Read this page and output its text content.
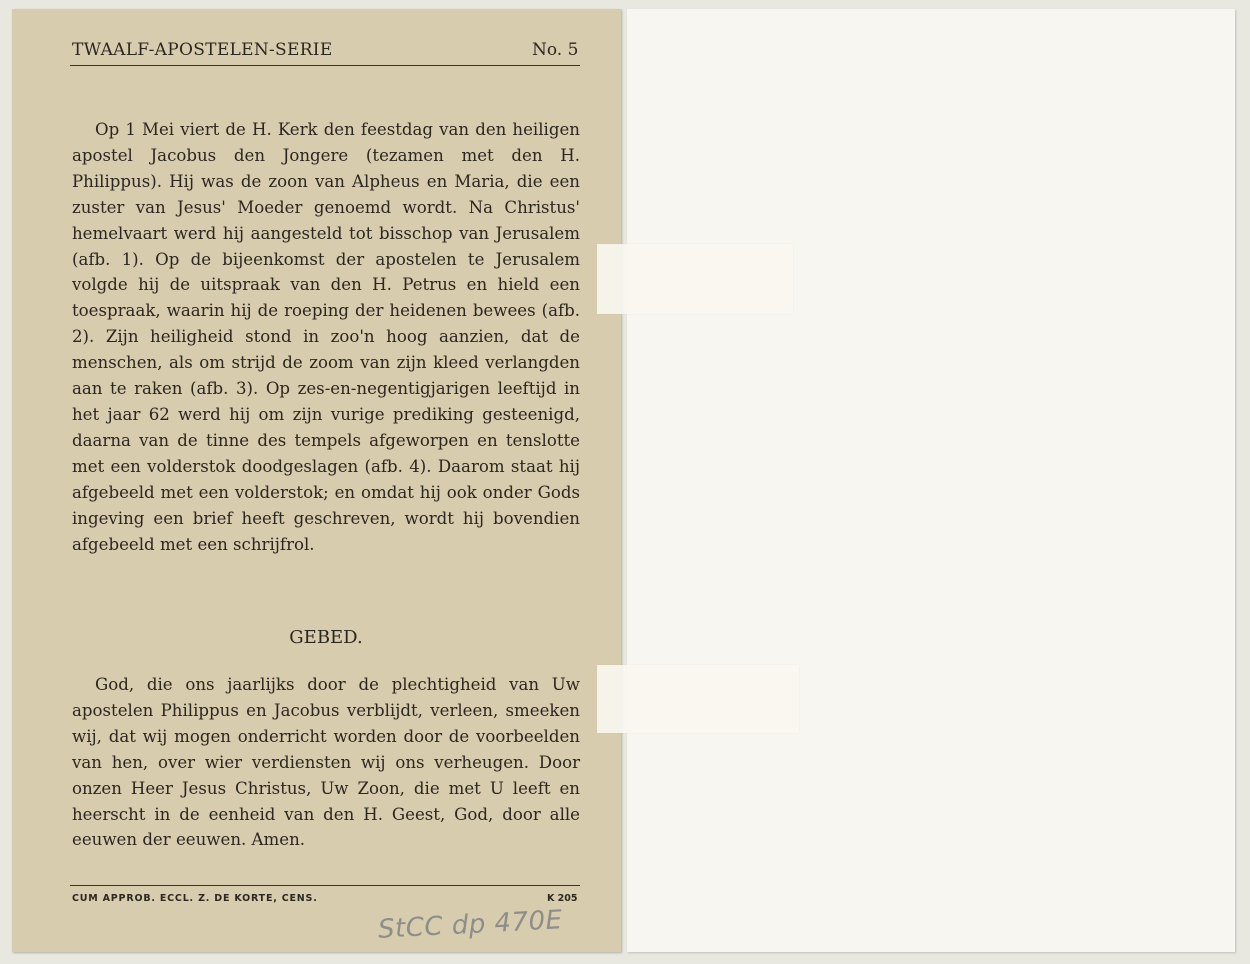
TWAALF-APOSTELEN-SERIE	No. 5
Op 1 Mei viert de H. Kerk den feestdag van den heiligen apostel Jacobus den Jongere (tezamen met den H. Philippus). Hij was de zoon van Alpheus en Maria, die een zuster van Jesus' Moeder genoemd wordt. Na Christus' hemelvaart werd hij aangesteld tot bisschop van Jerusalem (afb. 1). Op de bijeenkomst der apostelen te Jerusalem volgde hij de uitspraak van den H. Petrus en hield een toespraak, waarin hij de roeping der heidenen bewees (afb. 2). Zijn heiligheid stond in zoo'n hoog aanzien, dat de menschen, als om strijd de zoom van zijn kleed verlangden aan te raken (afb. 3). Op zes-en-negentigjarigen leeftijd in het jaar 62 werd hij om zijn vurige prediking gesteenigd, daarna van de tinne des tempels afgeworpen en tenslotte met een volderstok doodgeslagen (afb. 4). Daarom staat hij afgebeeld met een volderstok; en omdat hij ook onder Gods ingeving een brief heeft geschreven, wordt hij bovendien afgebeeld met een schrijfrol.
GEBED.
God, die ons jaarlijks door de plechtigheid van Uw apostelen Philippus en Jacobus verblijdt, verleen, smeeken wij, dat wij mogen onderricht worden door de voorbeelden van hen, over wier verdiensten wij ons verheugen. Door onzen Heer Jesus Christus, Uw Zoon, die met U leeft en heerscht in de eenheid van den H. Geest, God, door alle eeuwen der eeuwen. Amen.
CUM APPROB. ECCL. Z. DE KORTE, CENS.	K 205
StCC dp 470E
